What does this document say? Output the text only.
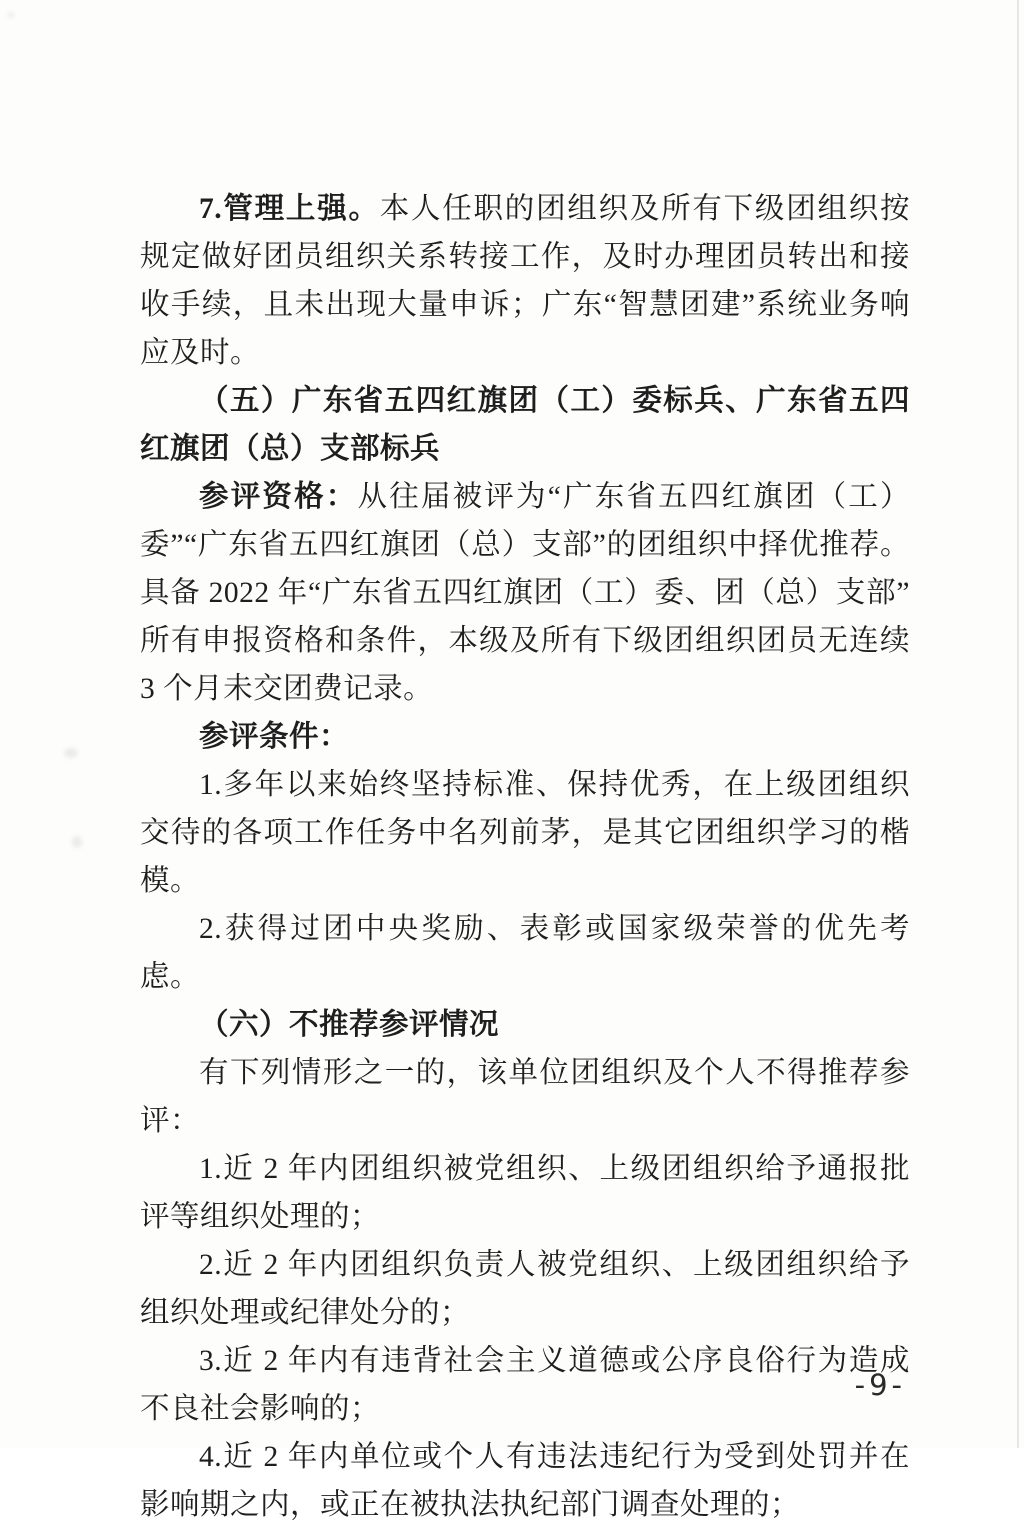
7.管理上强。本人任职的团组织及所有下级团组织按规定做好团员组织关系转接工作，及时办理团员转出和接收手续，且未出现大量申诉；广东“智慧团建”系统业务响应及时。

（五）广东省五四红旗团（工）委标兵、广东省五四红旗团（总）支部标兵

参评资格：从往届被评为“广东省五四红旗团（工）委”“广东省五四红旗团（总）支部”的团组织中择优推荐。具备 2022 年“广东省五四红旗团（工）委、团（总）支部”所有申报资格和条件，本级及所有下级团组织团员无连续 3 个月未交团费记录。

参评条件：

1.多年以来始终坚持标准、保持优秀，在上级团组织交待的各项工作任务中名列前茅，是其它团组织学习的楷模。

2.获得过团中央奖励、表彰或国家级荣誉的优先考虑。

（六）不推荐参评情况

有下列情形之一的，该单位团组织及个人不得推荐参评：

1.近 2 年内团组织被党组织、上级团组织给予通报批评等组织处理的；

2.近 2 年内团组织负责人被党组织、上级团组织给予组织处理或纪律处分的；

3.近 2 年内有违背社会主义道德或公序良俗行为造成不良社会影响的；

4.近 2 年内单位或个人有违法违纪行为受到处罚并在影响期之内，或正在被执法执纪部门调查处理的；

-9-
